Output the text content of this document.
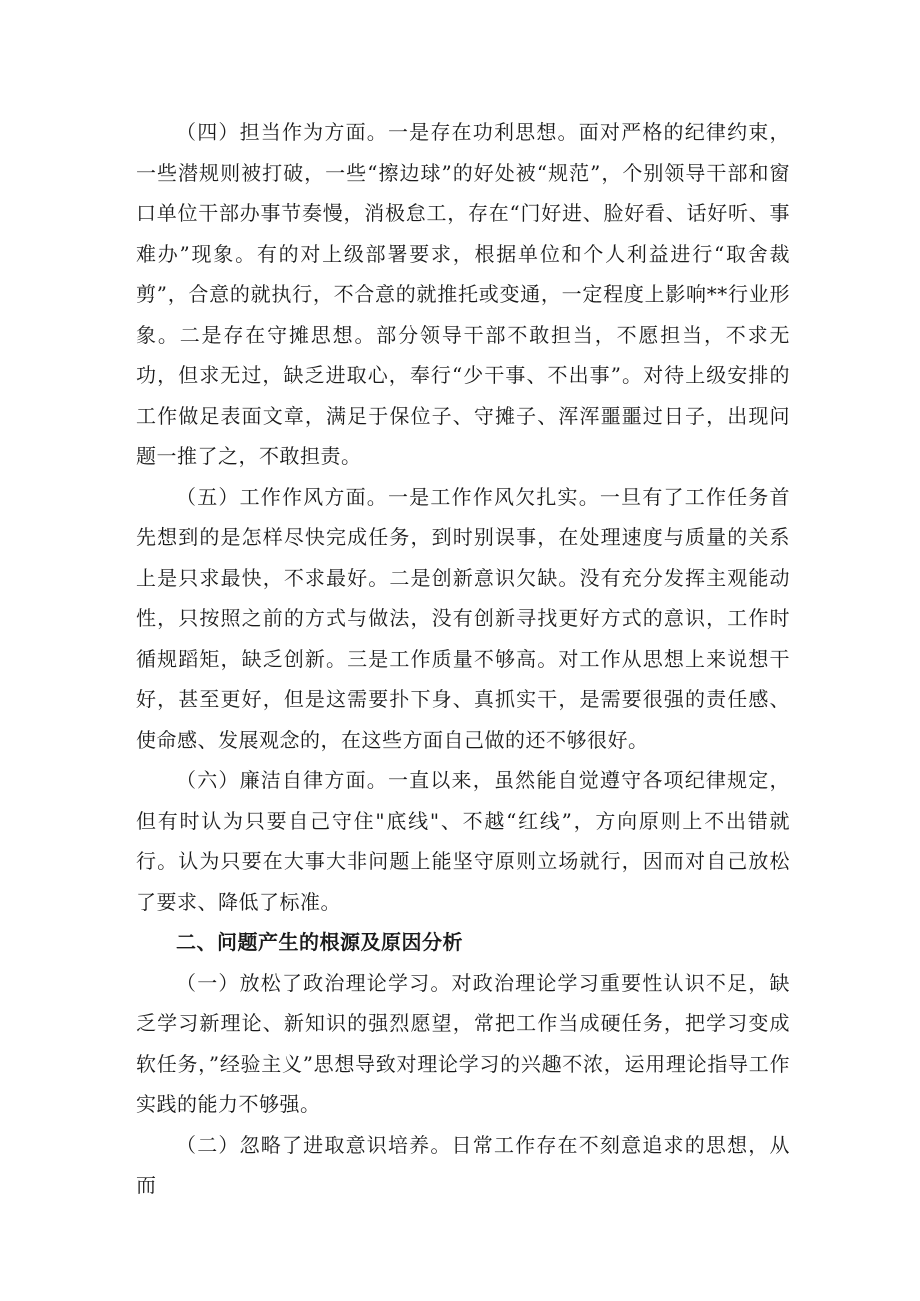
（四）担当作为方面。一是存在功利思想。面对严格的纪律约束，一些潜规则被打破，一些“擦边球”的好处被“规范”，个别领导干部和窗口单位干部办事节奏慢，消极怠工，存在“门好进、脸好看、话好听、事难办”现象。有的对上级部署要求，根据单位和个人利益进行“取舍裁剪”，合意的就执行，不合意的就推托或变通，一定程度上影响**行业形象。二是存在守摊思想。部分领导干部不敢担当，不愿担当，不求无功，但求无过，缺乏进取心，奉行“少干事、不出事”。对待上级安排的工作做足表面文章，满足于保位子、守摊子、浑浑噩噩过日子，出现问题一推了之，不敢担责。

（五）工作作风方面。一是工作作风欠扎实。一旦有了工作任务首先想到的是怎样尽快完成任务，到时别误事，在处理速度与质量的关系上是只求最快，不求最好。二是创新意识欠缺。没有充分发挥主观能动性，只按照之前的方式与做法，没有创新寻找更好方式的意识，工作时循规蹈矩，缺乏创新。三是工作质量不够高。对工作从思想上来说想干好，甚至更好，但是这需要扑下身、真抓实干，是需要很强的责任感、使命感、发展观念的，在这些方面自己做的还不够很好。

（六）廉洁自律方面。一直以来，虽然能自觉遵守各项纪律规定，但有时认为只要自己守住"底线"、不越“红线”，方向原则上不出错就行。认为只要在大事大非问题上能坚守原则立场就行，因而对自己放松了要求、降低了标准。

二、问题产生的根源及原因分析

（一）放松了政治理论学习。对政治理论学习重要性认识不足，缺乏学习新理论、新知识的强烈愿望，常把工作当成硬任务，把学习变成软任务，”经验主义”思想导致对理论学习的兴趣不浓，运用理论指导工作实践的能力不够强。

（二）忽略了进取意识培养。日常工作存在不刻意追求的思想，从而
